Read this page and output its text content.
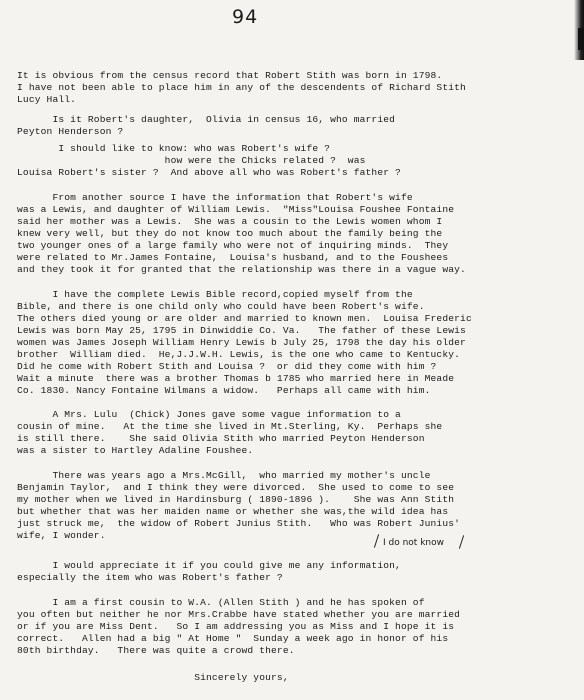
94
It is obvious from the census record that Robert Stith was born in 1798.
I have not been able to place him in any of the descendents of Richard Stith
Lucy Hall.
Is it Robert's daughter,  Olivia in census 16, who married
Peyton Henderson ?
I should like to know: who was Robert's wife ?
how were the Chicks related ?  was
Louisa Robert's sister ?  And above all who was Robert's father ?
From another source I have the information that Robert's wife
was a Lewis, and daughter of William Lewis.  "Miss"Louisa Foushee Fontaine
said her mother was a Lewis.  She was a cousin to the Lewis women whom I
knew very well, but they do not know too much about the family being the
two younger ones of a large family who were not of inquiring minds.  They
were related to Mr.James Fontaine,  Louisa's husband, and to the Foushees
and they took it for granted that the relationship was there in a vague way.
I have the complete Lewis Bible record,copied myself from the
Bible, and there is one child only who could have been Robert's wife.
The others died young or are older and married to known men.  Louisa Frederic
Lewis was born May 25, 1795 in Dinwiddie Co. Va.   The father of these Lewis
women was James Joseph William Henry Lewis b July 25, 1798 the day his older
brother  William died.  He,J.J.W.H. Lewis, is the one who came to Kentucky.
Did he come with Robert Stith and Louisa ?  or did they come with him ?
Wait a minute  there was a brother Thomas b 1785 who married here in Meade
Co. 1830. Nancy Fontaine Wilmans a widow.   Perhaps all came with him.
A Mrs. Lulu  (Chick) Jones gave some vague information to a
cousin of mine.   At the time she lived in Mt.Sterling, Ky.  Perhaps she
is still there.    She said Olivia Stith who married Peyton Henderson
was a sister to Hartley Adaline Foushee.
There was years ago a Mrs.McGill,  who married my mother's uncle
Benjamin Taylor,  and I think they were divorced.  She used to come to see
my mother when we lived in Hardinsburg ( 1890-1896 ).    She was Ann Stith
but whether that was her maiden name or whether she was,the wild idea has
just struck me,  the widow of Robert Junius Stith.   Who was Robert Junius'
wife, I wonder.
I would appreciate it if you could give me any information,
especially the item who was Robert's father ?
I am a first cousin to W.A. (Allen Stith ) and he has spoken of
you often but neither he nor Mrs.Crabbe have stated whether you are married
or if you are Miss Dent.   So I am addressing you as Miss and I hope it is
correct.   Allen had a big " At Home "  Sunday a week ago in honor of his
80th birthday.   There was quite a crowd there.
Sincerely yours,
I do not know
